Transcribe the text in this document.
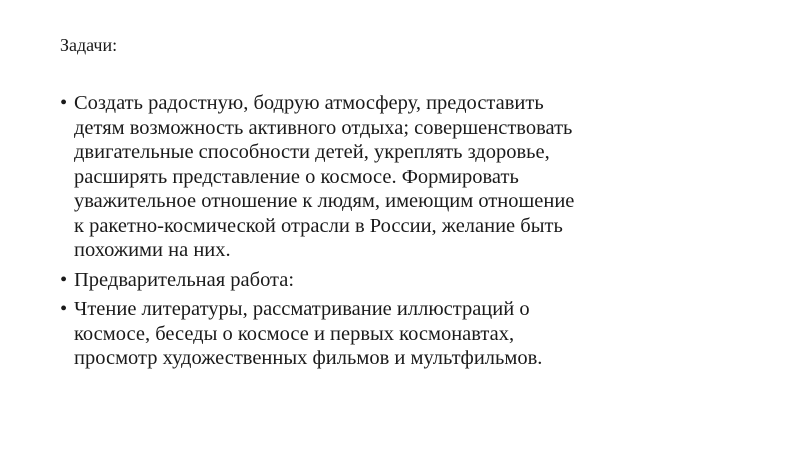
Задачи:
• Создать радостную, бодрую атмосферу, предоставить
детям возможность активного отдыха; совершенствовать
двигательные способности детей, укреплять здоровье,
расширять представление о космосе. Формировать
уважительное отношение к людям, имеющим отношение
к ракетно-космической отрасли в России, желание быть
похожими на них.
• Предварительная работа:
• Чтение литературы, рассматривание иллюстраций о
космосе, беседы о космосе и первых космонавтах,
просмотр художественных фильмов и мультфильмов.
